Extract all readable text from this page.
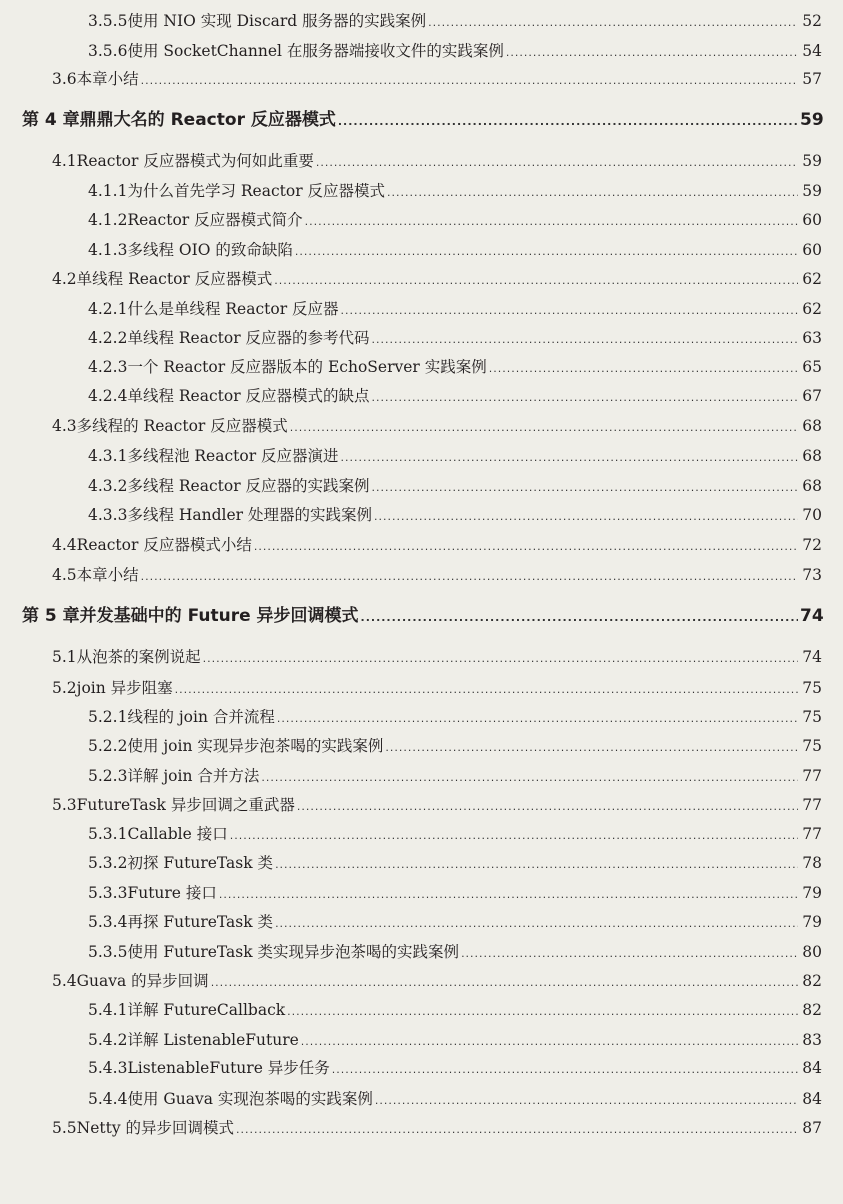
3.5.5 使用 NIO 实现 Discard 服务器的实践案例 .....	52
3.5.6 使用 SocketChannel 在服务器端接收文件的实践案例 .....	54
3.6 本章小结 .....	57
第 4 章 鼎鼎大名的 Reactor 反应器模式 .....	59
4.1 Reactor 反应器模式为何如此重要 .....	59
4.1.1 为什么首先学习 Reactor 反应器模式 .....	59
4.1.2 Reactor 反应器模式简介 .....	60
4.1.3 多线程 OIO 的致命缺陷 .....	60
4.2 单线程 Reactor 反应器模式 .....	62
4.2.1 什么是单线程 Reactor 反应器 .....	62
4.2.2 单线程 Reactor 反应器的参考代码 .....	63
4.2.3 一个 Reactor 反应器版本的 EchoServer 实践案例 .....	65
4.2.4 单线程 Reactor 反应器模式的缺点 .....	67
4.3 多线程的 Reactor 反应器模式 .....	68
4.3.1 多线程池 Reactor 反应器演进 .....	68
4.3.2 多线程 Reactor 反应器的实践案例 .....	68
4.3.3 多线程 Handler 处理器的实践案例 .....	70
4.4 Reactor 反应器模式小结 .....	72
4.5 本章小结 .....	73
第 5 章 并发基础中的 Future 异步回调模式 .....	74
5.1 从泡茶的案例说起 .....	74
5.2 join 异步阻塞 .....	75
5.2.1 线程的 join 合并流程 .....	75
5.2.2 使用 join 实现异步泡茶喝的实践案例 .....	75
5.2.3 详解 join 合并方法 .....	77
5.3 FutureTask 异步回调之重武器 .....	77
5.3.1 Callable 接口 .....	77
5.3.2 初探 FutureTask 类 .....	78
5.3.3 Future 接口 .....	79
5.3.4 再探 FutureTask 类 .....	79
5.3.5 使用 FutureTask 类实现异步泡茶喝的实践案例 .....	80
5.4 Guava 的异步回调 .....	82
5.4.1 详解 FutureCallback .....	82
5.4.2 详解 ListenableFuture .....	83
5.4.3 ListenableFuture 异步任务 .....	84
5.4.4 使用 Guava 实现泡茶喝的实践案例 .....	84
5.5 Netty 的异步回调模式 .....	87
